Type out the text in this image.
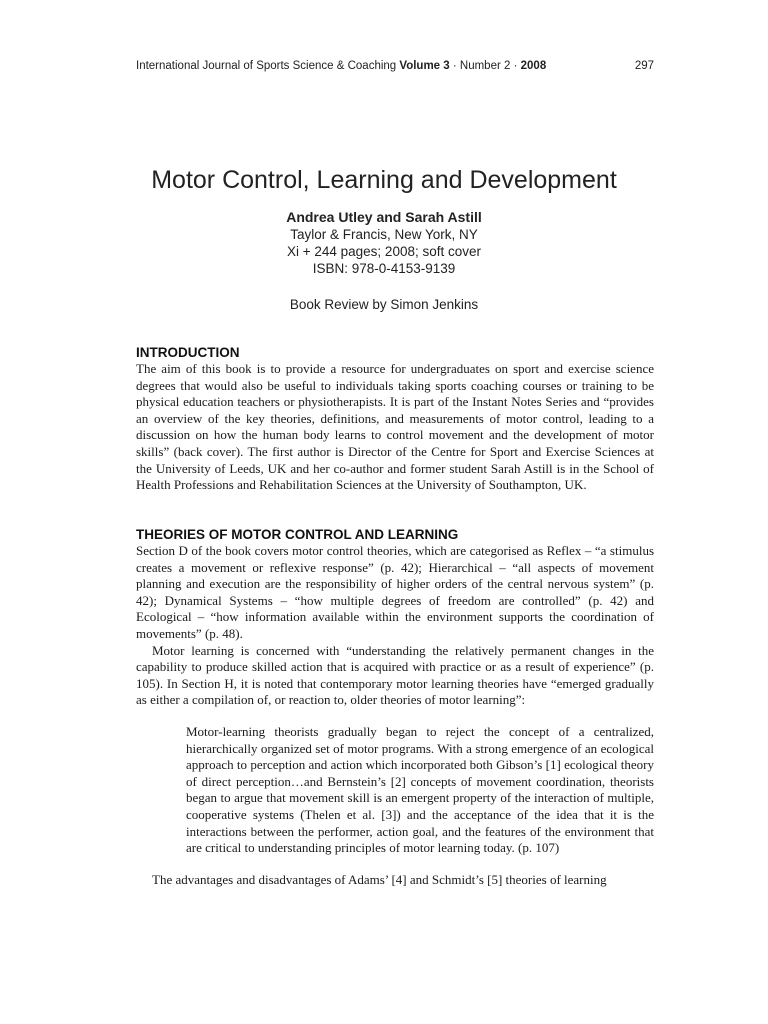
International Journal of Sports Science & Coaching Volume 3 · Number 2 · 2008	297
Motor Control, Learning and Development
Andrea Utley and Sarah Astill
Taylor & Francis, New York, NY
Xi + 244 pages; 2008; soft cover
ISBN: 978-0-4153-9139
Book Review by Simon Jenkins
INTRODUCTION

The aim of this book is to provide a resource for undergraduates on sport and exercise science degrees that would also be useful to individuals taking sports coaching courses or training to be physical education teachers or physiotherapists. It is part of the Instant Notes Series and “provides an overview of the key theories, definitions, and measurements of motor control, leading to a discussion on how the human body learns to control movement and the development of motor skills” (back cover). The first author is Director of the Centre for Sport and Exercise Sciences at the University of Leeds, UK and her co-author and former student Sarah Astill is in the School of Health Professions and Rehabilitation Sciences at the University of Southampton, UK.

THEORIES OF MOTOR CONTROL AND LEARNING

Section D of the book covers motor control theories, which are categorised as Reflex – “a stimulus creates a movement or reflexive response” (p. 42); Hierarchical – “all aspects of movement planning and execution are the responsibility of higher orders of the central nervous system” (p. 42); Dynamical Systems – “how multiple degrees of freedom are controlled” (p. 42) and Ecological – “how information available within the environment supports the coordination of movements” (p. 48).

Motor learning is concerned with “understanding the relatively permanent changes in the capability to produce skilled action that is acquired with practice or as a result of experience” (p. 105). In Section H, it is noted that contemporary motor learning theories have “emerged gradually as either a compilation of, or reaction to, older theories of motor learning”:

Motor-learning theorists gradually began to reject the concept of a centralized, hierarchically organized set of motor programs. With a strong emergence of an ecological approach to perception and action which incorporated both Gibson’s [1] ecological theory of direct perception…and Bernstein’s [2] concepts of movement coordination, theorists began to argue that movement skill is an emergent property of the interaction of multiple, cooperative systems (Thelen et al. [3]) and the acceptance of the idea that it is the interactions between the performer, action goal, and the features of the environment that are critical to understanding principles of motor learning today. (p. 107)
The advantages and disadvantages of Adams’ [4] and Schmidt’s [5] theories of learning
